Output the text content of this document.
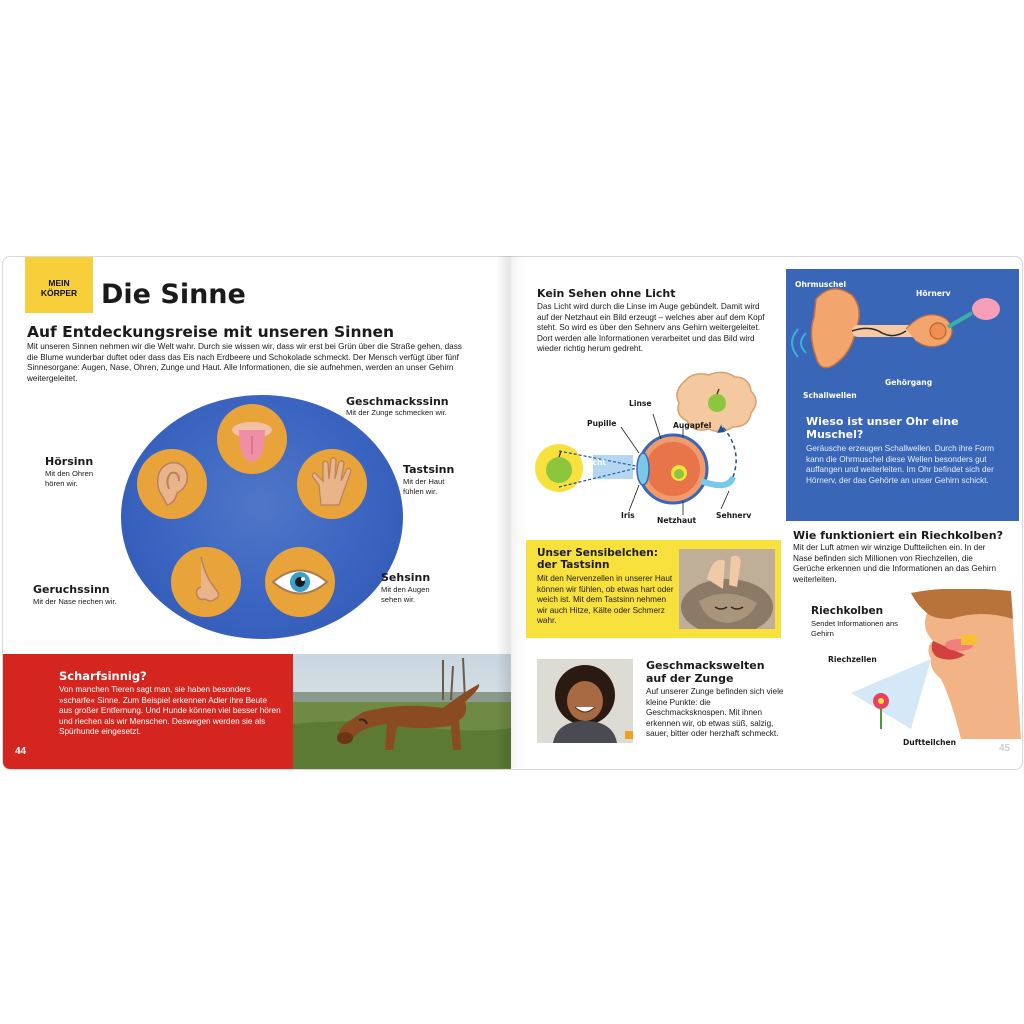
MEIN
KÖRPER Die Sinne
Auf Entdeckungsreise mit unseren Sinnen
Mit unseren Sinnen nehmen wir die Welt wahr. Durch sie wissen wir, dass wir erst bei Grün über die Straße gehen, dass die Blume wunderbar duftet oder dass das Eis nach Erdbeere und Schokolade schmeckt. Der Mensch verfügt über fünf Sinnesorgane: Augen, Nase, Ohren, Zunge und Haut. Alle Informationen, die sie aufnehmen, werden an unser Gehirn weitergeleitet.
Geschmackssinn
Mit der Zunge schmecken wir.
Hörsinn
Mit den Ohren
hören wir.
Tastsinn
Mit der Haut
fühlen wir.
Geruchssinn
Mit der Nase riechen wir.
Sehsinn
Mit den Augen
sehen wir.
Scharfsinnig?
Von manchen Tieren sagt man, sie haben besonders »scharfe« Sinne. Zum Beispiel erkennen Adler ihre Beute aus großer Entfernung. Und Hunde können viel besser hören und riechen als wir Menschen. Deswegen werden sie als Spürhunde eingesetzt.
44
Kein Sehen ohne Licht
Das Licht wird durch die Linse im Auge gebündelt. Damit wird auf der Netzhaut ein Bild erzeugt – welches aber auf dem Kopf steht. So wird es über den Sehnerv ans Gehirn weitergeleitet. Dort werden alle Informationen verarbeitet und das Bild wird wieder richtig herum gedreht.
Linse
Pupille	Augapfel
Licht
Iris
Netzhaut
Sehnerv
Ohrmuschel
Hörnerv
Schallwellen
Gehörgang
Wieso ist unser Ohr eine Muschel?
Geräusche erzeugen Schallwellen. Durch ihre Form kann die Ohrmuschel diese Wellen besonders gut auffangen und weiterleiten. Im Ohr befindet sich der Hörnerv, der das Gehörte an unser Gehirn schickt.
Unser Sensibelchen:
der Tastsinn
Mit den Nervenzellen in unserer Haut können wir fühlen, ob etwas hart oder weich ist. Mit dem Tastsinn nehmen wir auch Hitze, Kälte oder Schmerz wahr.
Wie funktioniert ein Riechkolben?
Mit der Luft atmen wir winzige Duftteilchen ein. In der Nase befinden sich Millionen von Riechzellen, die Gerüche erkennen und die Informationen an das Gehirn weiterleiten.
Riechkolben
Sendet Informationen ans Gehirn
Riechzellen
Duftteilchen
Geschmackswelten
auf der Zunge
Auf unserer Zunge befinden sich viele kleine Punkte: die Geschmacksknospen. Mit ihnen erkennen wir, ob etwas süß, salzig, sauer, bitter oder herzhaft schmeckt.
45
